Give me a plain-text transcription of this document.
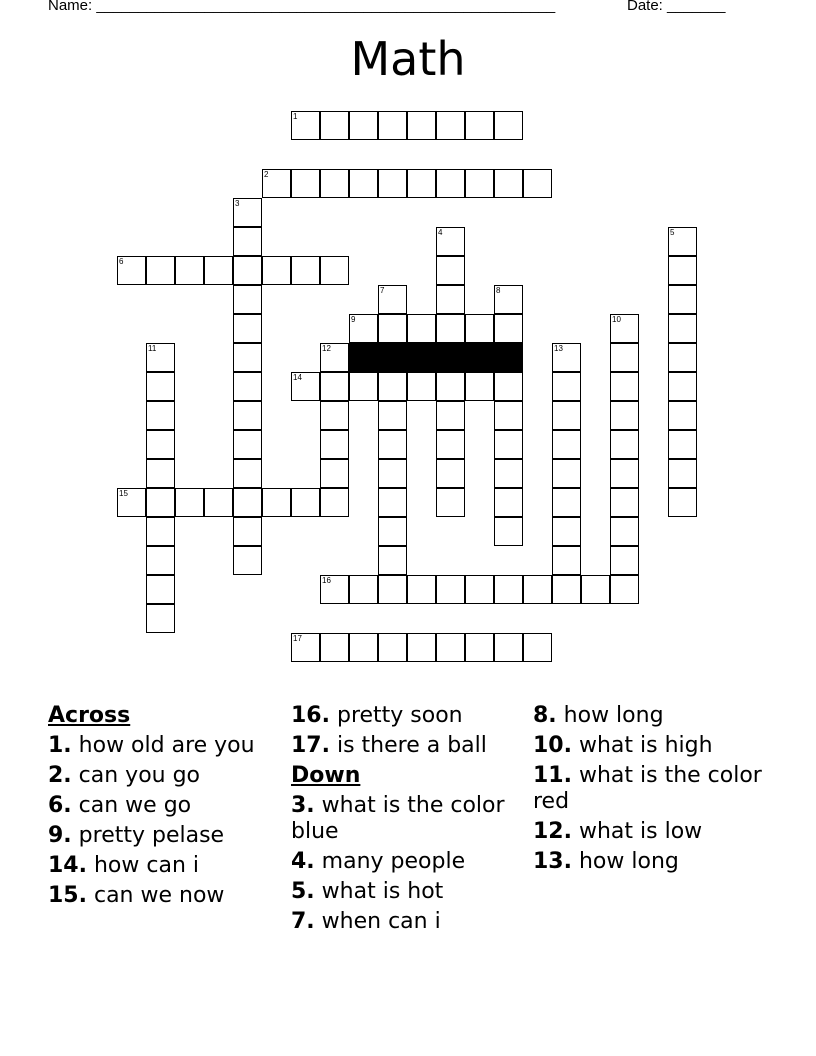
Name: _______________________________________________________	Date: _______
Math
1
2
3
4	5
6
7	8
9	10
11	12	13
14
15
16
17
Across
1. how old are you
2. can you go
6. can we go
9. pretty pelase
14. how can i
15. can we now
16. pretty soon
17. is there a ball
Down
3. what is the color blue
4. many people
5. what is hot
7. when can i
8. how long
10. what is high
11. what is the color red
12. what is low
13. how long
